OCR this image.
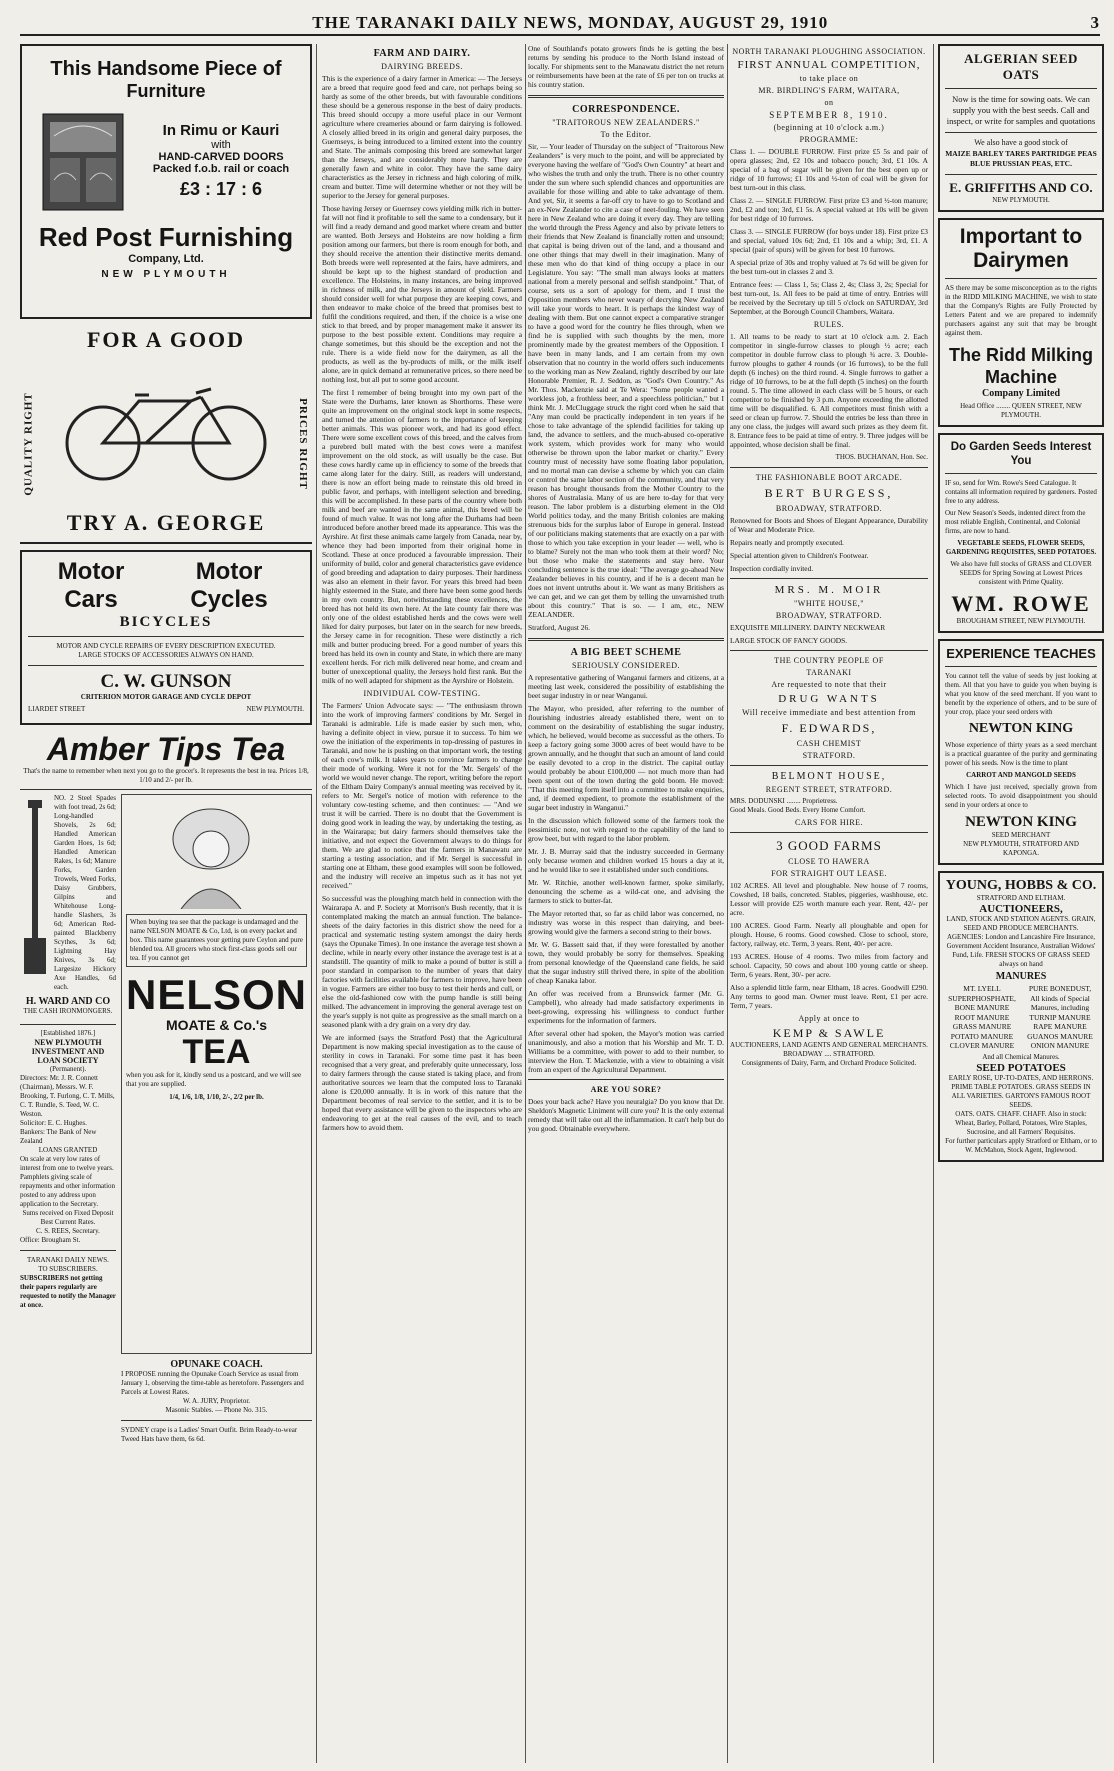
THE TARANAKI DAILY NEWS, MONDAY, AUGUST 29, 1910	3
This Handsome Piece of
Furniture
In Rimu or Kauri
with
HAND-CARVED DOORS
Packed f.o.b. rail or coach
£3 : 17 : 6
Red Post Furnishing
Company, Ltd.
NEW PLYMOUTH
FOR A GOOD
QUALITY RIGHT	PRICES RIGHT
TRY A. GEORGE
Motor Cars
Motor Cycles
BICYCLES
MOTOR AND CYCLE REPAIRS OF EVERY DESCRIPTION EXECUTED.
LARGE STOCKS OF ACCESSORIES ALWAYS ON HAND.
C. W. GUNSON
CRITERION MOTOR GARAGE AND CYCLE DEPOT
LIARDET STREET	NEW PLYMOUTH.
Amber Tips Tea
That's the name to remember when next you go to the grocer's. It represents the best in tea. Prices 1/8, 1/10 and 2/- per lb.
NO. 2 Steel Spades with foot tread, 2s 6d; Long-handled Shovels, 2s 6d; Handled American Garden Hoes, 1s 6d; Handled American Rakes, 1s 6d; Manure Forks, Garden Trowels, Weed Forks, Daisy Grubbers, Gilpins and Whitehouse Long-handle Slashers, 3s 6d; American Red-painted Blackberry Scythes, 3s 6d; Lightning Hay Knives, 3s 6d; Largesize Hickory Axe Handles, 6d each.
H. WARD AND CO
THE CASH IRONMONGERS.
[Established 1876.]
NEW PLYMOUTH INVESTMENT AND LOAN SOCIETY
(Permanent).
Directors: Mr. J. R. Connett (Chairman), Messrs. W. F. Brooking, T. Furlong, C. T. Mills, C. T. Rundle, S. Teed, W. C. Weston.
Solicitor: E. C. Hughes.
Bankers: The Bank of New Zealand
LOANS GRANTED
On scale at very low rates of interest from one to twelve years.
Pamphlets giving scale of repayments and other information posted to any address upon application to the Secretary.
Sums received on Fixed Deposit Best Current Rates.
C. S. REES, Secretary.
Office: Brougham St.
TARANAKI DAILY NEWS.
TO SUBSCRIBERS.
SUBSCRIBERS not getting their papers regularly are requested to notify the Manager at once.
When buying tea see that the package is undamaged and the name NELSON MOATE & Co, Ltd, is on every packet and box. This name guarantees your getting pure Ceylon and pure blended tea. All grocers who stock first-class goods sell our tea. If you cannot get
NELSON
MOATE & Co.'s
TEA
when you ask for it, kindly send us a postcard, and we will see that you are supplied.
1/4, 1/6, 1/8, 1/10, 2/-, 2/2 per lb.
OPUNAKE COACH.
I PROPOSE running the Opunake Coach Service as usual from January 1, observing the time-table as heretofore. Passengers and Parcels at Lowest Rates.
W. A. JURY, Proprietor.
Masonic Stables. — Phone No. 315.
SYDNEY crape is a Ladies' Smart Outfit. Brim Ready-to-wear Tweed Hats have them, 6s 6d.
FARM AND DAIRY.
DAIRYING BREEDS.

This is the experience of a dairy farmer in America: — The Jerseys are a breed that require good feed and care, not perhaps being so hardy as some of the other breeds, but with favourable conditions these should be a generous response in the best of dairy products. This breed should occupy a more useful place in our Vermont agriculture where creameries abound or farm dairying is followed. A closely allied breed in its origin and general dairy purposes, the Guernseys, is being introduced to a limited extent into the country and State. The animals composing this breed are somewhat larger than the Jerseys, and are considerably more hardy. They are generally fawn and white in color. They have the same dairy characteristics as the Jersey in richness and high coloring of milk, cream and butter. Time will determine whether or not they will be superior to the Jersey for general purposes.

Those having Jersey or Guernsey cows yielding milk rich in butter-fat will not find it profitable to sell the same to a condensary, but it will find a ready demand and good market where cream and butter are wanted. Both Jerseys and Holsteins are now holding a firm position among our farmers, but there is room enough for both, and they should receive the attention their distinctive merits demand. Both breeds were well represented at the fairs, have admirers, and should be kept up to the highest standard of production and excellence. The Holsteins, in many instances, are being improved in richness of milk, and the Jerseys in amount of yield. Farmers should consider well for what purpose they are keeping cows, and then endeavor to make choice of the breed that promises best to fulfil the conditions required, and then, if the choice is a wise one stick to that breed, and by proper management make it answer its purpose to the best possible extent. Conditions may require a change sometimes, but this should be the exception and not the rule. There is a wide field now for the dairymen, as all the products, as well as the by-products of milk, or the milk itself alone, are in quick demand at remunerative prices, so there need be nothing lost, but all put to some good account.

The first I remember of being brought into my own part of the State were the Durhams, later known as Shorthorns. These were quite an improvement on the original stock kept in some respects, and turned the attention of farmers to the importance of keeping better animals. This was pioneer work, and had its good effect. There were some excellent cows of this breed, and the calves from a purebred bull mated with the best cows were a manifest improvement on the old stock, as will usually be the case. But these cows hardly came up in efficiency to some of the breeds that came along later for the dairy. Still, as readers will understand, there is now an effort being made to reinstate this old breed in public favor, and perhaps, with intelligent selection and breeding, this will be accomplished. In these parts of the country where both milk and beef are wanted in the same animal, this breed will be found of much value. It was not long after the Durhams had been introduced before another breed made its appearance. This was the Ayrshire. At first these animals came largely from Canada, near by, whence they had been imported from their original home in Scotland. These at once produced a favourable impression. Their uniformity of build, color and general characteristics gave evidence of good breeding and adaptation to dairy purposes. Their hardiness was also an element in their favor. For years this breed had been highly esteemed in the State, and there have been some good herds in my own country. But, notwithstanding these excellences, the breed has not held its own here. At the late county fair there was only one of the oldest established herds and the cows were well liked for dairy purposes, but later on in the search for new breeds, the Jersey came in for recognition. These were distinctly a rich milk and butter producing breed. For a good number of years this breed has held its own in county and State, in which there are many excellent herds. For rich milk delivered near home, and cream and butter of unexceptional quality, the Jerseys hold first rank. But the milk of no well adapted for shipment as the Ayrshire or Holstein.

INDIVIDUAL COW-TESTING.

The Farmers' Union Advocate says: — "The enthusiasm thrown into the work of improving farmers' conditions by Mr. Sergel in Taranaki is admirable. Life is made easier by such men, who, having a definite object in view, pursue it to success. To him we owe the initiation of the experiments in top-dressing of pastures in Taranaki, and now he is pushing on that important work, the testing of each cow's milk. It takes years to convince farmers to change their mode of working. Were it not for the 'Mr. Sergels' of the world we would never change. The report, writing before the report of the Eltham Dairy Company's annual meeting was received by it, refers to Mr. Sergel's notice of motion with reference to the voluntary cow-testing scheme, and then continues: — "And we trust it will be carried. There is no doubt that the Government is doing good work in leading the way, by undertaking the testing, as in the Wairarapa; but dairy farmers should themselves take the initiative, and not expect the Government always to do things for them. We are glad to notice that the farmers in Manawatu are starting a testing association, and if Mr. Sergel is successful in starting one at Eltham, these good examples will soon be followed, and the industry will receive an impetus such as it has not yet received."

So successful was the ploughing match held in connection with the Wairarapa A. and P. Society at Morrison's Bush recently, that it is contemplated making the match an annual function. The balance-sheets of the dairy factories in this district show the need for a practical and systematic testing system amongst the dairy herds (says the Opunake Times). In one instance the average test shown a decline, while in nearly every other instance the average test is at a standstill. The quantity of milk to make a pound of butter is still a poor standard in comparison to the number of years that dairy factories with facilities available for farmers to improve, have been in vogue. Farmers are either too busy to test their herds and cull, or else the old-fashioned cow with the pump handle is still being milked. The advancement in improving the general average test on the year's supply is not quite as progressive as the small march on a seasoned plank with a dry grain on a very dry day.

We are informed (says the Stratford Post) that the Agricultural Department is now making special investigation as to the cause of sterility in cows in Taranaki. For some time past it has been recognised that a very great, and preferably quite unnecessary, loss to dairy farmers through the cause stated is taking place, and from authoritative sources we learn that the computed loss to Taranaki alone is £20,000 annually. It is in work of this nature that the Department becomes of real service to the settler, and it is to be hoped that every assistance will be given to the inspectors who are endeavoring to get at the real causes of the evil, and to teach farmers how to avoid them.

One of Southland's potato growers finds he is getting the best returns by sending his produce to the North Island instead of locally. For shipments sent to the Manawatu district the net return or reimbursements have been at the rate of £6 per ton on trucks at his country station.

CORRESPONDENCE.
"TRAITOROUS NEW ZEALANDERS."
To the Editor.

Sir, — Your leader of Thursday on the subject of "Traitorous New Zealanders" is very much to the point, and will be appreciated by everyone having the welfare of "God's Own Country" at heart and who wishes the truth and only the truth. There is no other country under the sun where such splendid chances and opportunities are available for those willing and able to take advantage of them. And yet, Sir, it seems a far-off cry to have to go to Scotland and an ex-New Zealander to cite a case of neet-fouling. We have seen here in New Zealand who are doing it every day. They are telling the world through the Press Agency and also by private letters to their friends that New Zealand is financially rotten and unsound; that capital is being driven out of the land, and a thousand and one other things that may dwell in their imagination. Many of these men who do that kind of thing occupy a place in our Legislature. You say: "The small man always looks at matters national from a merely personal and selfish standpoint." That, of course, sets us a sort of apology for them, and I trust the Opposition members who never weary of decrying New Zealand will take your words to heart. It is perhaps the kindest way of dealing with them. But one cannot expect a comparative stranger to have a good word for the country he flies through, when we find he is supplied with such thoughts by the men, more prominently made by the greatest members of the Opposition. I have been in many lands, and I am certain from my own observation that no country in the world offers such inducements to the working man as New Zealand, rightly described by our late Honorable Premier, R. J. Seddon, as "God's Own Country." As Mr. Thos. Mackenzie said at Te Wera: "Some people wanted a workless job, a frothless beer, and a speechless politician," but I think Mr. J. McCluggage struck the right cord when he said that "Any man could be practically independent in ten years if he chose to take advantage of the splendid facilities for taking up land, the advance to settlers, and the much-abused co-operative work system, which provides work for many who would otherwise be thrown upon the labor market or charity." Every country must of necessity have some floating labor population, and no mortal man can devise a scheme by which you can claim or control the same labor section of the community, and that very reason has brought thousands from the Mother Country to the shores of Australasia. Many of us are here to-day for that very reason. The labor problem is a disturbing element in the Old World politics today, and the many British colonies are making strenuous bids for the surplus labor of Europe in general. Instead of our politicians making statements that are exactly on a par with those to which you take exception in your leader — well, who is to blame? Surely not the man who took them at their word? No; but those who make the statements and stay here. Your concluding sentence is the true ideal: "The average go-ahead New Zealander believes in his country, and if he is a decent man he does not invent untruths about it. We want as many Britishers as we can get, and we can get them by telling the unvarnished truth about this country." That is so. — I am, etc., NEW ZEALANDER.

Stratford, August 26.

A BIG BEET SCHEME
SERIOUSLY CONSIDERED.

A representative gathering of Wanganui farmers and citizens, at a meeting last week, considered the possibility of establishing the beet sugar industry in or near Wanganui.

The Mayor, who presided, after referring to the number of flourishing industries already established there, went on to comment on the desirability of establishing the sugar industry, which, he believed, would become as successful as the others. To keep a factory going some 3000 acres of beet would have to be grown annually, and he thought that such an amount of land could be easily devoted to a crop in the district. The capital outlay would probably be about £100,000 — not much more than had been spent out of the town during the gold boom. He moved: "That this meeting form itself into a committee to make enquiries, and, if deemed expedient, to promote the establishment of the sugar beet industry in Wanganui."

In the discussion which followed some of the farmers took the pessimistic note, not with regard to the capability of the land to grow beet, but with regard to the labor problem.

Mr. J. B. Murray said that the industry succeeded in Germany only because women and children worked 15 hours a day at it, and he would like to see it established under such conditions.

Mr. W. Ritchie, another well-known farmer, spoke similarly, denouncing the scheme as a wild-cat one, and advising the farmers to stick to butter-fat.

The Mayor retorted that, so far as child labor was concerned, no industry was worse in this respect than dairying, and beet-growing would give the farmers a second string to their bows.

Mr. W. G. Bassett said that, if they were forestalled by another town, they would probably be sorry for themselves. Speaking from personal knowledge of the Queensland cane fields, he said that the sugar industry still thrived there, in spite of the abolition of cheap Kanaka labor.

An offer was received from a Brunswick farmer (Mr. G. Campbell), who already had made satisfactory experiments in beet-growing, expressing his willingness to conduct further experiments for the information of farmers.

After several other had spoken, the Mayor's motion was carried unanimously, and also a motion that his Worship and Mr. T. D. Williams be a committee, with power to add to their number, to interview the Hon. T. Mackenzie, with a view to obtaining a visit from an expert of the Agricultural Department.

ARE YOU SORE?

Does your back ache? Have you neuralgia? Do you know that Dr. Sheldon's Magnetic Liniment will cure you? It is the only external remedy that will take out all the inflammation. It can't help but do you good. Obtainable everywhere.

NORTH TARANAKI PLOUGHING ASSOCIATION.
FIRST ANNUAL COMPETITION,
to take place on
MR. BIRDLING'S FARM, WAITARA,
on
SEPTEMBER 8, 1910.
(beginning at 10 o'clock a.m.)
PROGRAMME:

Class 1. — DOUBLE FURROW. First prize £5 5s and pair of opera glasses; 2nd, £2 10s and tobacco pouch; 3rd, £1 10s. A special of a bag of sugar will be given for the best open up or ridge of 10 furrows; £1 10s and ½-ton of coal will be given for best turn-out in this class.

Class 2. — SINGLE FURROW. First prize £3 and ½-ton manure; 2nd, £2 and ton; 3rd, £1 5s. A special valued at 10s will be given for best ridge of 10 furrows.

Class 3. — SINGLE FURROW (for boys under 18). First prize £3 and special, valued 10s 6d; 2nd, £1 10s and a whip; 3rd, £1. A special (pair of spurs) will be given for best 10 furrows.

A special prize of 30s and trophy valued at 7s 6d will be given for the best turn-out in classes 2 and 3.

Entrance fees: — Class 1, 5s; Class 2, 4s; Class 3, 2s; Special for best turn-out, 1s. All fees to be paid at time of entry. Entries will be received by the Secretary up till 5 o'clock on SATURDAY, 3rd September, at the Borough Council Chambers, Waitara.

RULES.

1. All teams to be ready to start at 10 o'clock a.m. 2. Each competitor in single-furrow classes to plough ½ acre; each competitor in double furrow class to plough ¾ acre. 3. Double-furrow ploughs to gather 4 rounds (or 16 furrows), to be the full depth (6 inches) on the third round. 4. Single furrows to gather a ridge of 10 furrows, to be at the full depth (5 inches) on the fourth round. 5. The time allowed in each class will be 5 hours, or each competitor to be finished by 3 p.m. Anyone exceeding the allotted time will be disqualified. 6. All competitors must finish with a seed or clean up furrow. 7. Should the entries be less than three in any one class, the judges will award such prizes as they deem fit. 8. Entrance fees to be paid at time of entry. 9. Three judges will be appointed, whose decision shall be final.

THOS. BUCHANAN, Hon. Sec.
THE FASHIONABLE BOOT ARCADE.
BERT BURGESS,
BROADWAY, STRATFORD.

Renowned for Boots and Shoes of Elegant Appearance, Durability of Wear and Moderate Price.

Repairs neatly and promptly executed.

Special attention given to Children's Footwear.

Inspection cordially invited.

MRS. M. MOIR
"WHITE HOUSE,"
BROADWAY, STRATFORD.

EXQUISITE MILLINERY. DAINTY NECKWEAR

LARGE STOCK OF FANCY GOODS.

THE COUNTRY PEOPLE OF
TARANAKI
Are requested to note that their
DRUG WANTS
Will receive immediate and best attention from
F. EDWARDS,
CASH CHEMIST
STRATFORD.
BELMONT HOUSE,
REGENT STREET, STRATFORD.
MRS. DODUNSKI ........ Proprietress.
Good Meals. Good Beds. Every Home Comfort.
CARS FOR HIRE.
3 GOOD FARMS
CLOSE TO HAWERA
FOR STRAIGHT OUT LEASE.

102 ACRES. All level and ploughable. New house of 7 rooms, Cowshed, 18 bails, concreted. Stables, piggeries, washhouse, etc. Lessor will provide £25 worth manure each year. Rent, 42/- per acre.

100 ACRES. Good Farm. Nearly all ploughable and open for plough. House, 6 rooms. Good cowshed. Close to school, store, factory, railway, etc. Term, 3 years. Rent, 40/- per acre.

193 ACRES. House of 4 rooms. Two miles from factory and school. Capacity, 50 cows and about 100 young cattle or sheep. Term, 6 years. Rent, 30/- per acre.

Also a splendid little farm, near Eltham, 18 acres. Goodwill £290. Any terms to good man. Owner must leave. Rent, £1 per acre. Term, 7 years.

Apply at once to
KEMP & SAWLE
AUCTIONEERS, LAND AGENTS AND GENERAL MERCHANTS.
BROADWAY .... STRATFORD.
Consignments of Dairy, Farm, and Orchard Produce Solicited.
ALGERIAN SEED OATS
Now is the time for sowing oats. We can supply you with the best seeds. Call and inspect, or write for samples and quotations
We also have a good stock of
MAIZE BARLEY TARES PARTRIDGE PEAS BLUE PRUSSIAN PEAS, ETC.
E. GRIFFITHS AND CO.
NEW PLYMOUTH.
Important to Dairymen
AS there may be some misconception as to the rights in the RIDD MILKING MACHINE, we wish to state that the Company's Rights are Fully Protected by Letters Patent and we are prepared to indemnify purchasers against any suit that may be brought against them.
The Ridd Milking Machine
Company Limited
Head Office ........ QUEEN STREET, NEW PLYMOUTH.
Do Garden Seeds Interest You
IF so, send for Wm. Rowe's Seed Catalogue. It contains all information required by gardeners. Posted free to any address.
Our New Season's Seeds, indented direct from the most reliable English, Continental, and Colonial firms, are now to hand.
VEGETABLE SEEDS, FLOWER SEEDS, GARDENING REQUISITES, SEED POTATOES.
We also have full stocks of GRASS and CLOVER SEEDS for Spring Sowing at Lowest Prices consistent with Prime Quality.
WM. ROWE
BROUGHAM STREET, NEW PLYMOUTH.
EXPERIENCE TEACHES
You cannot tell the value of seeds by just looking at them. All that you have to guide you when buying is what you know of the seed merchant. If you want to benefit by the experience of others, and to be sure of your crop, place your seed orders with
NEWTON KING
Whose experience of thirty years as a seed merchant is a practical guarantee of the purity and germinating power of his seeds. Now is the time to plant
CARROT AND MANGOLD SEEDS
Which I have just received, specially grown from selected roots. To avoid disappointment you should send in your orders at once to
NEWTON KING
SEED MERCHANT
NEW PLYMOUTH, STRATFORD AND KAPONGA.
YOUNG, HOBBS & CO.
STRATFORD AND ELTHAM.
AUCTIONEERS,
LAND, STOCK AND STATION AGENTS. GRAIN, SEED AND PRODUCE MERCHANTS.
AGENCIES: London and Lancashire Fire Insurance, Government Accident Insurance, Australian Widows' Fund, Life. FRESH STOCKS OF GRASS SEED always on hand
MANURES
MT. LYELL SUPERPHOSPHATE,
BONE MANURE
ROOT MANURE
GRASS MANURE
POTATO MANURE
CLOVER MANURE
PURE BONEDUST,
All kinds of Special Manures, including
TURNIP MANURE
RAPE MANURE
GUANOS MANURE
ONION MANURE
And all Chemical Manures.
SEED POTATOES
EARLY ROSE, UP-TO-DATES, AND HERRONS. PRIME TABLE POTATOES. GRASS SEEDS IN ALL VARIETIES. GARTON'S FAMOUS ROOT SEEDS.
OATS. OATS. CHAFF. CHAFF. Also in stock:
Wheat, Barley, Pollard, Potatoes, Wire Staples, Sucrosine, and all Farmers' Requisites.
For further particulars apply Stratford or Eltham, or to W. McMahon, Stock Agent, Inglewood.
